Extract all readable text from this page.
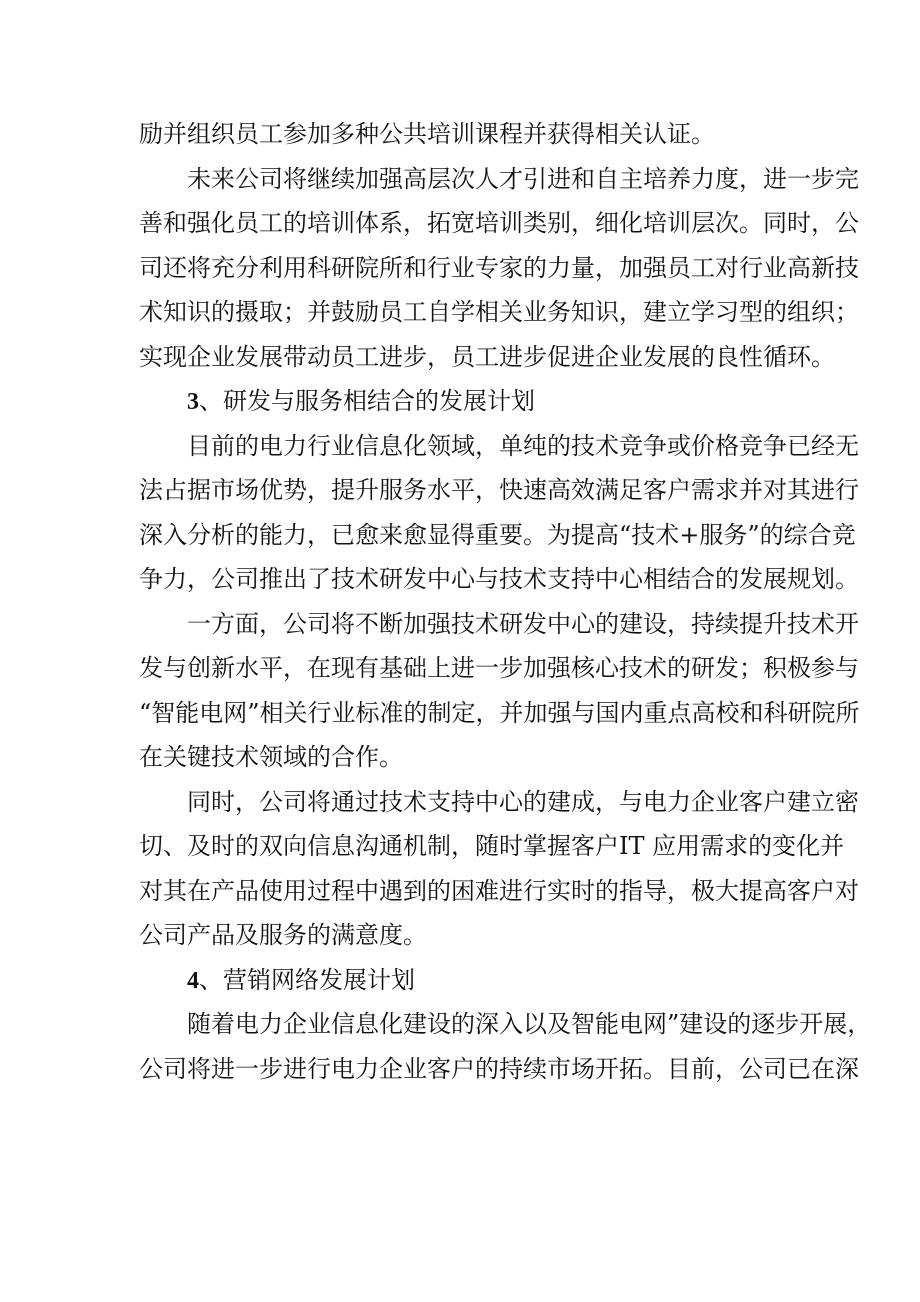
励并组织员工参加多种公共培训课程并获得相关认证。
未来公司将继续加强高层次人才引进和自主培养力度，进一步完
善和强化员工的培训体系，拓宽培训类别，细化培训层次。同时，公
司还将充分利用科研院所和行业专家的力量，加强员工对行业高新技
术知识的摄取；并鼓励员工自学相关业务知识，建立学习型的组织；
实现企业发展带动员工进步，员工进步促进企业发展的良性循环。
3、研发与服务相结合的发展计划
目前的电力行业信息化领域，单纯的技术竞争或价格竞争已经无
法占据市场优势，提升服务水平，快速高效满足客户需求并对其进行
深入分析的能力，已愈来愈显得重要。为提高“技术+服务”的综合竞
争力，公司推出了技术研发中心与技术支持中心相结合的发展规划。
一方面，公司将不断加强技术研发中心的建设，持续提升技术开
发与创新水平，在现有基础上进一步加强核心技术的研发；积极参与
“智能电网”相关行业标准的制定，并加强与国内重点高校和科研院所
在关键技术领域的合作。
同时，公司将通过技术支持中心的建成，与电力企业客户建立密
切、及时的双向信息沟通机制，随时掌握客户IT 应用需求的变化并
对其在产品使用过程中遇到的困难进行实时的指导，极大提高客户对
公司产品及服务的满意度。
4、营销网络发展计划
随着电力企业信息化建设的深入以及智能电网”建设的逐步开展，
公司将进一步进行电力企业客户的持续市场开拓。目前，公司已在深
